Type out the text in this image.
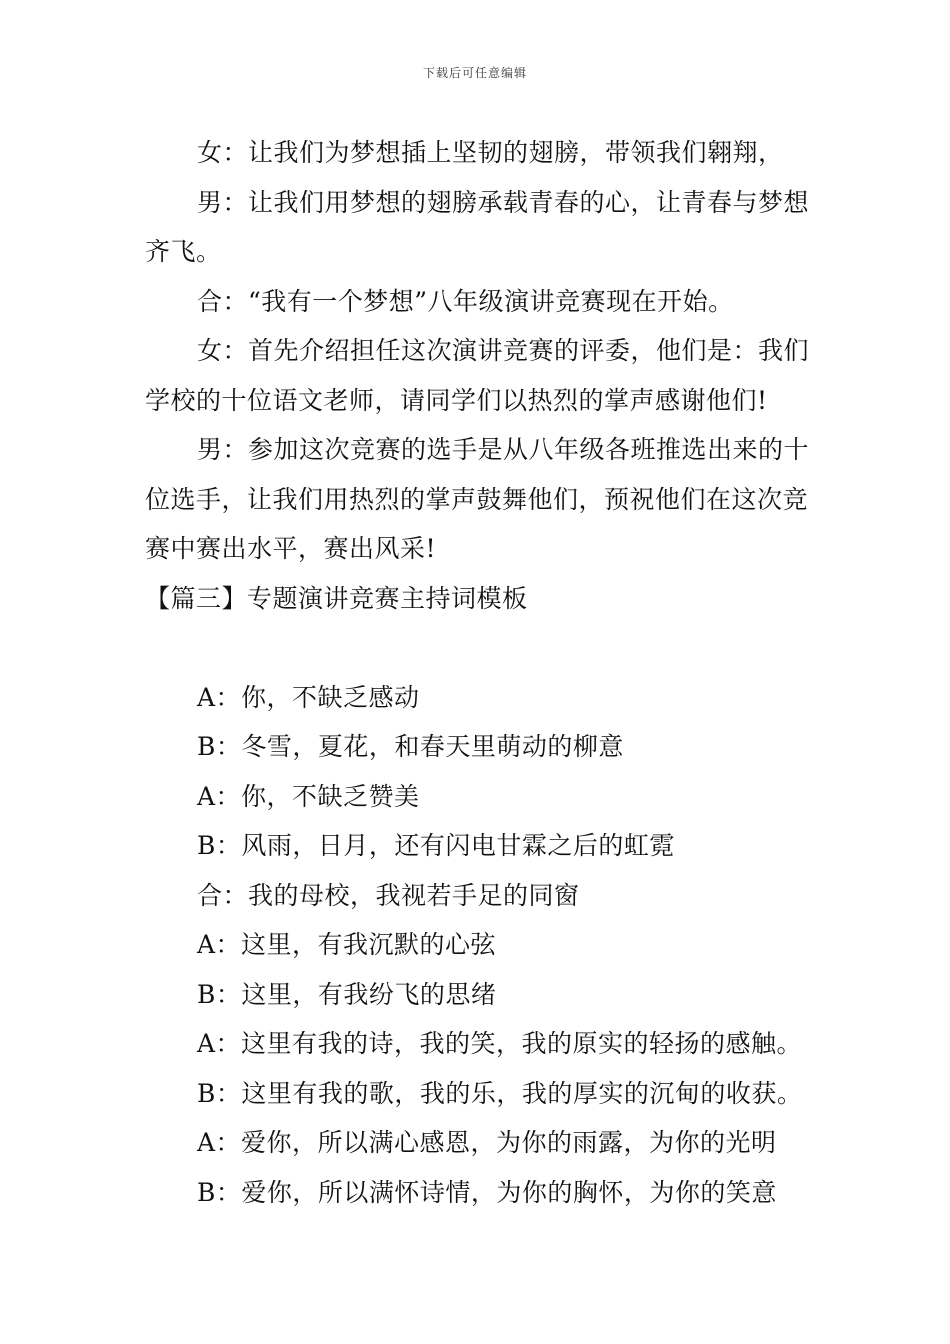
下载后可任意编辑

女：让我们为梦想插上坚韧的翅膀，带领我们翱翔，

男：让我们用梦想的翅膀承载青春的心，让青春与梦想齐飞。

合：“我有一个梦想”八年级演讲竞赛现在开始。

女：首先介绍担任这次演讲竞赛的评委，他们是：我们学校的十位语文老师，请同学们以热烈的掌声感谢他们!

男：参加这次竞赛的选手是从八年级各班推选出来的十位选手，让我们用热烈的掌声鼓舞他们，预祝他们在这次竞赛中赛出水平，赛出风采!

【篇三】专题演讲竞赛主持词模板

A：你，不缺乏感动

B：冬雪，夏花，和春天里萌动的柳意

A：你，不缺乏赞美

B：风雨，日月，还有闪电甘霖之后的虹霓

合：我的母校，我视若手足的同窗

A：这里，有我沉默的心弦

B：这里，有我纷飞的思绪

A：这里有我的诗，我的笑，我的原实的轻扬的感触。

B：这里有我的歌，我的乐，我的厚实的沉甸的收获。

A：爱你，所以满心感恩，为你的雨露，为你的光明

B：爱你，所以满怀诗情，为你的胸怀，为你的笑意
